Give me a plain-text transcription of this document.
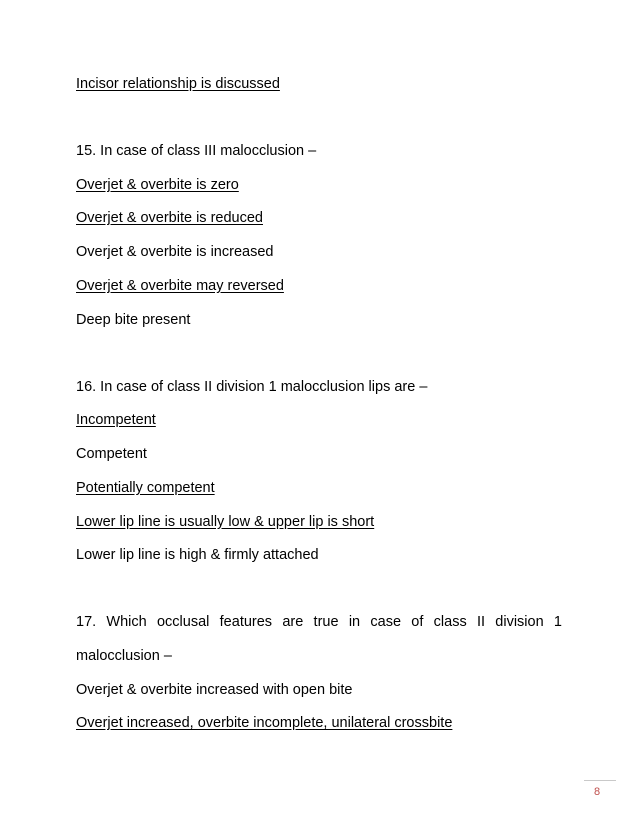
Incisor relationship is discussed
15. In case of class III malocclusion –
Overjet & overbite is zero
Overjet & overbite is reduced
Overjet & overbite is increased
Overjet & overbite may reversed
Deep bite present
16. In case of class II division 1 malocclusion lips are –
Incompetent
Competent
Potentially competent
Lower lip line is usually low & upper lip is short
Lower lip line is high & firmly attached
17. Which occlusal features are true in case of class II division 1
malocclusion –
Overjet & overbite increased with open bite
Overjet increased, overbite incomplete, unilateral crossbite
8
